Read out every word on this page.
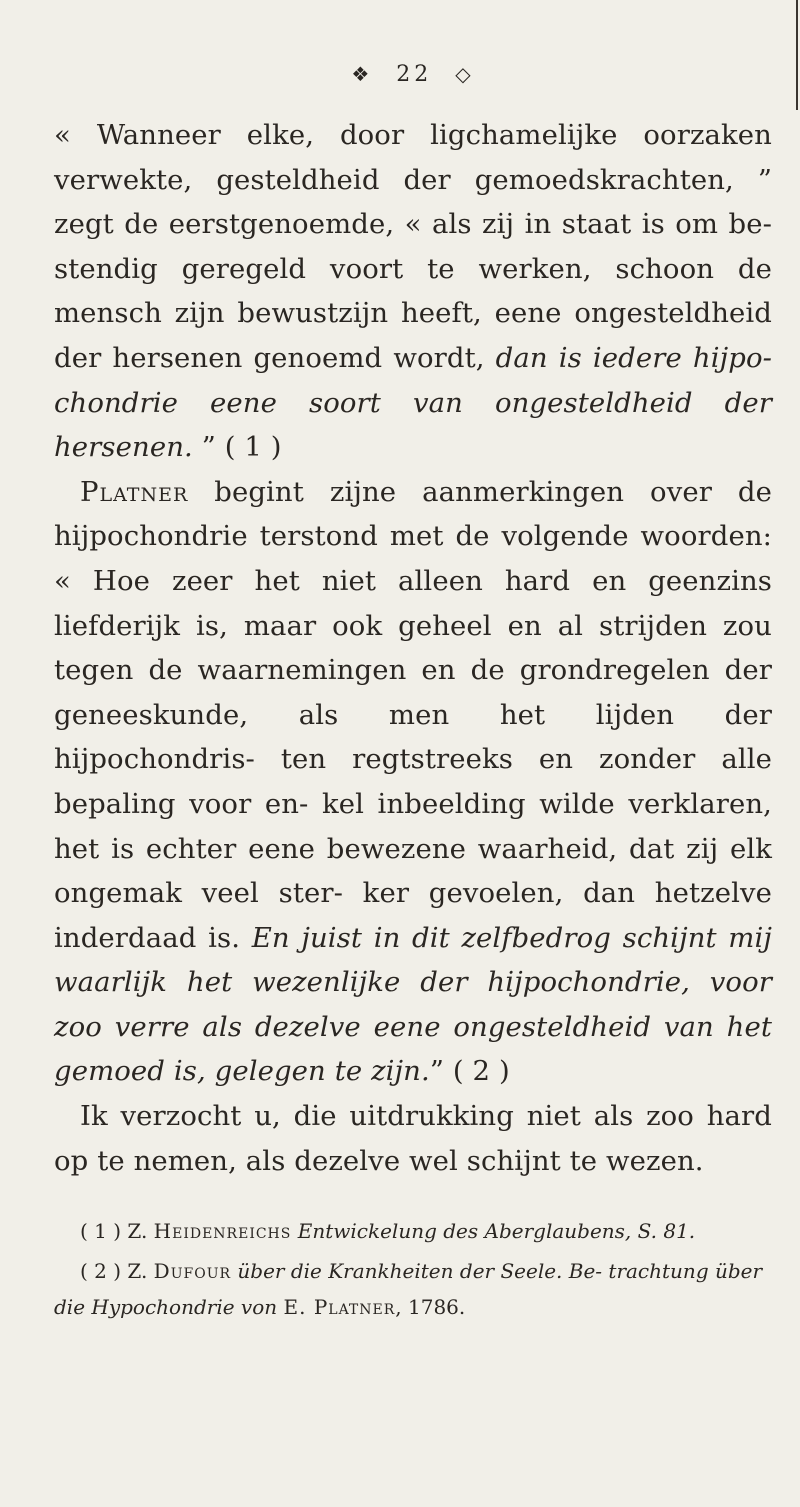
❖ 22 ◇

« Wanneer elke, door ligchamelijke oorzaken verwekte, gesteldheid der gemoedskrachten, ” zegt de eerstgenoemde, « als zij in staat is om be- stendig geregeld voort te werken, schoon de mensch zijn bewustzijn heeft, eene ongesteldheid der hersenen genoemd wordt, dan is iedere hijpo- chondrie eene soort van ongesteldheid der hersenen. ” ( 1 )

Platner begint zijne aanmerkingen over de hijpochondrie terstond met de volgende woorden: « Hoe zeer het niet alleen hard en geenzins liefderijk is, maar ook geheel en al strijden zou tegen de waarnemingen en de grondregelen der geneeskunde, als men het lijden der hijpochondris- ten regtstreeks en zonder alle bepaling voor en- kel inbeelding wilde verklaren, het is echter eene bewezene waarheid, dat zij elk ongemak veel ster- ker gevoelen, dan hetzelve inderdaad is. En juist in dit zelfbedrog schijnt mij waarlijk het wezenlijke der hijpochondrie, voor zoo verre als dezelve eene ongesteldheid van het gemoed is, gelegen te zijn.” ( 2 )

Ik verzocht u, die uitdrukking niet als zoo hard op te nemen, als dezelve wel schijnt te wezen.

( 1 ) Z. Heidenreichs Entwickelung des Aberglaubens, S. 81.

( 2 ) Z. Dufour über die Krankheiten der Seele. Be- trachtung über die Hypochondrie von E. Platner, 1786.
